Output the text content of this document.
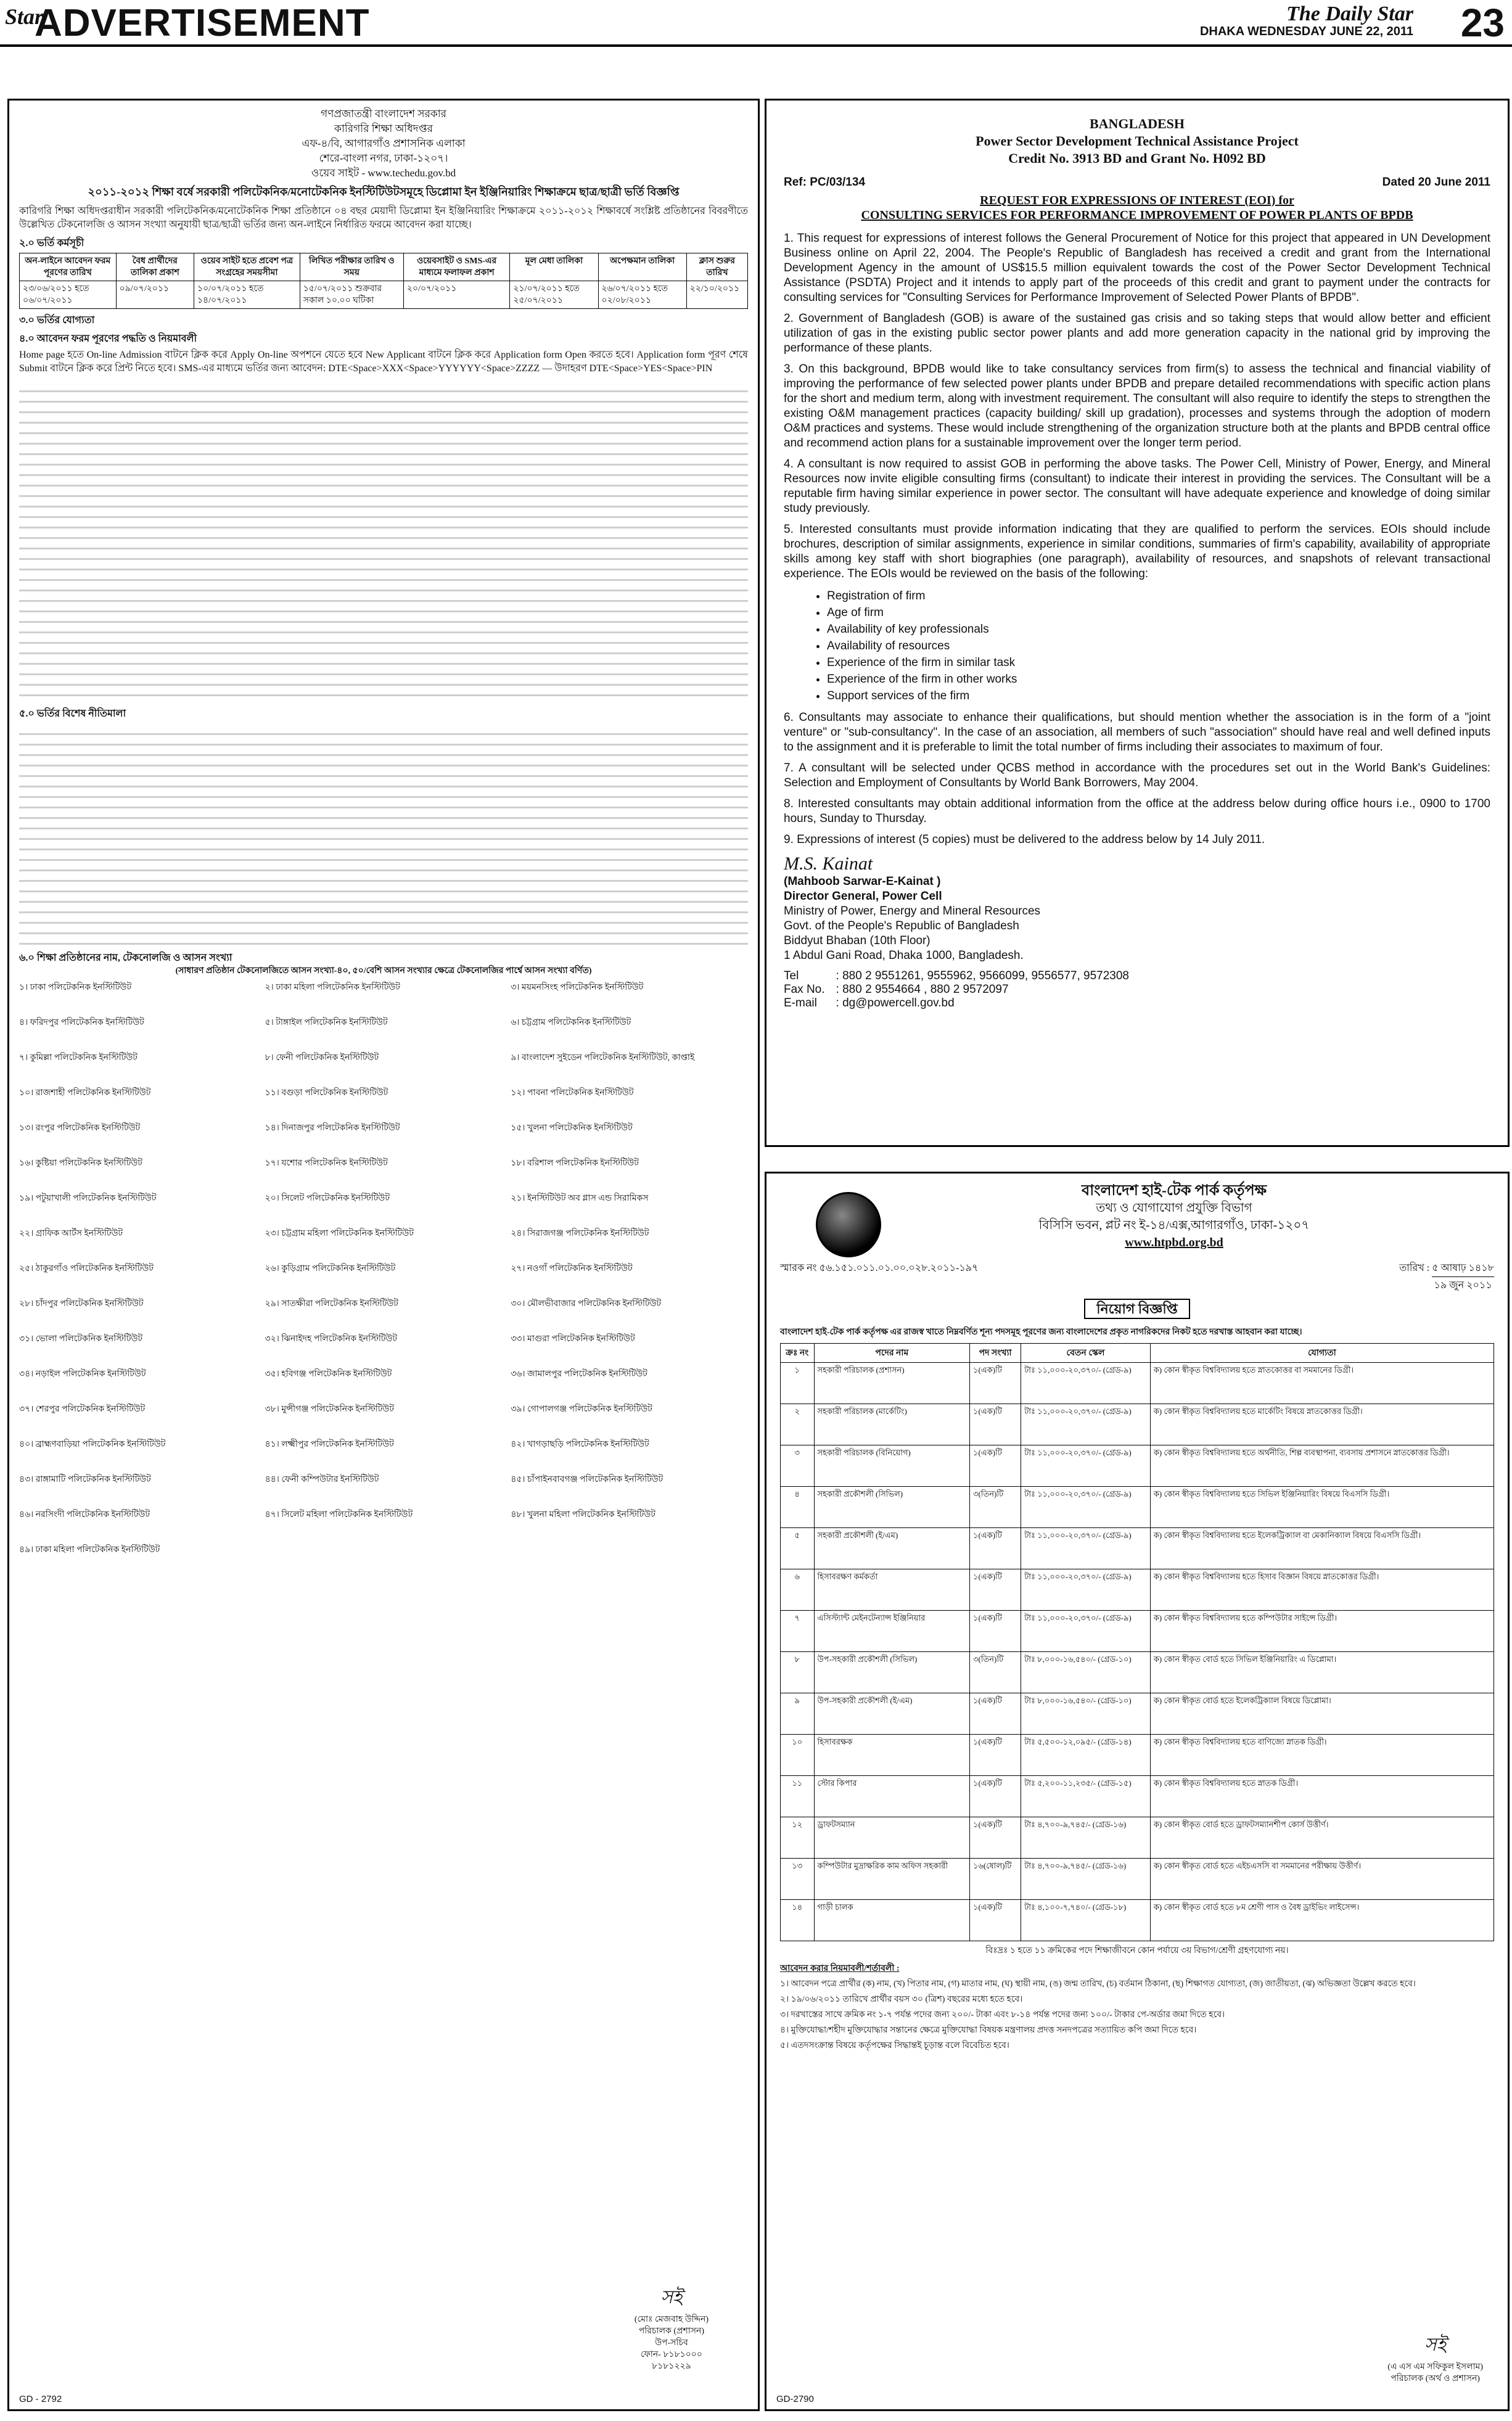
Star
ADVERTISEMENT	The Daily Star
DHAKA WEDNESDAY JUNE 22, 2011 23
গণপ্রজাতন্ত্রী বাংলাদেশ সরকার
কারিগরি শিক্ষা অধিদপ্তর
এফ-৪/বি, আগারগাঁও প্রশাসনিক এলাকা
শেরে-বাংলা নগর, ঢাকা-১২০৭।
ওয়েব সাইট - www.techedu.gov.bd
২০১১-২০১২ শিক্ষা বর্ষে সরকারী পলিটেকনিক/মনোটেকনিক ইনস্টিটিউটসমূহে ডিপ্লোমা ইন ইঞ্জিনিয়ারিং শিক্ষাক্রমে ছাত্র/ছাত্রী ভর্তি বিজ্ঞপ্তি
কারিগরি শিক্ষা অধিদপ্তরাধীন সরকারী পলিটেকনিক/মনোটেকনিক শিক্ষা প্রতিষ্ঠানে ০৪ বছর মেয়াদী ডিপ্লোমা ইন ইঞ্জিনিয়ারিং শিক্ষাক্রমে ২০১১-২০১২ শিক্ষাবর্ষে সংশ্লিষ্ট প্রতিষ্ঠানের বিবরণীতে উল্লেখিত টেকনোলজি ও আসন সংখ্যা অনুযায়ী ছাত্র/ছাত্রী ভর্তির জন্য অন-লাইনে নির্ধারিত ফরমে আবেদন করা যাচ্ছে।
২.০ ভর্তি কর্মসূচী
অন-লাইনে আবেদন ফরম পূরণের তারিখ	বৈধ প্রার্থীদের তালিকা প্রকাশ	ওয়েব সাইট হতে প্রবেশ পত্র সংগ্রহের সময়সীমা	লিখিত পরীক্ষার তারিখ ও সময়	ওয়েবসাইট ও SMS-এর মাধ্যমে ফলাফল প্রকাশ	মূল মেধা তালিকা	অপেক্ষমান তালিকা	ক্লাস শুরুর তারিখ
২৩/০৬/২০১১ হতে ০৬/০৭/২০১১	০৯/০৭/২০১১	১০/০৭/২০১১ হতে ১৪/০৭/২০১১	১৫/০৭/২০১১ শুক্রবার সকাল ১০.০০ ঘটিকা	২০/০৭/২০১১	২১/০৭/২০১১ হতে ২৫/০৭/২০১১	২৬/০৭/২০১১ হতে ০২/০৮/২০১১	২২/১০/২০১১
৩.০ ভর্তির যোগ্যতা
৪.০ আবেদন ফরম পূরণের পদ্ধতি ও নিয়মাবলী
Home page হতে On-line Admission বাটনে ক্লিক করে Apply On-line অপশনে যেতে হবে New Applicant বাটনে ক্লিক করে Application form Open করতে হবে। Application form পূরণ শেষে Submit বাটনে ক্লিক করে প্রিন্ট নিতে হবে। SMS-এর মাধ্যমে ভর্তির জন্য আবেদন: DTE<Space>XXX<Space>YYYYYY<Space>ZZZZ — উদাহরণ DTE<Space>YES<Space>PIN
৫.০ ভর্তির বিশেষ নীতিমালা
৬.০ শিক্ষা প্রতিষ্ঠানের নাম, টেকনোলজি ও আসন সংখ্যা
(সাধারণ প্রতিষ্ঠান টেকনোলজিতে আসন সংখ্যা-৪০, ৫০/বেশি আসন সংখ্যার ক্ষেত্রে টেকনোলজির পার্শ্বে আসন সংখ্যা বর্ণিত)
১। ঢাকা পলিটেকনিক ইনস্টিটিউট	২। ঢাকা মহিলা পলিটেকনিক ইনস্টিটিউট	৩। ময়মনসিংহ পলিটেকনিক ইনস্টিটিউট
৪। ফরিদপুর পলিটেকনিক ইনস্টিটিউট	৫। টাঙ্গাইল পলিটেকনিক ইনস্টিটিউট	৬। চট্টগ্রাম পলিটেকনিক ইনস্টিটিউট
৭। কুমিল্লা পলিটেকনিক ইনস্টিটিউট	৮। ফেনী পলিটেকনিক ইনস্টিটিউট	৯। বাংলাদেশ সুইডেন পলিটেকনিক ইনস্টিটিউট, কাপ্তাই
১০। রাজশাহী পলিটেকনিক ইনস্টিটিউট	১১। বগুড়া পলিটেকনিক ইনস্টিটিউট	১২। পাবনা পলিটেকনিক ইনস্টিটিউট
১৩। রংপুর পলিটেকনিক ইনস্টিটিউট	১৪। দিনাজপুর পলিটেকনিক ইনস্টিটিউট	১৫। খুলনা পলিটেকনিক ইনস্টিটিউট
১৬। কুষ্টিয়া পলিটেকনিক ইনস্টিটিউট	১৭। যশোর পলিটেকনিক ইনস্টিটিউট	১৮। বরিশাল পলিটেকনিক ইনস্টিটিউট
১৯। পটুয়াখালী পলিটেকনিক ইনস্টিটিউট	২০। সিলেট পলিটেকনিক ইনস্টিটিউট	২১। ইনস্টিটিউট অব গ্লাস এন্ড সিরামিকস
২২। গ্রাফিক আর্টস ইনস্টিটিউট	২৩। চট্টগ্রাম মহিলা পলিটেকনিক ইনস্টিটিউট	২৪। সিরাজগঞ্জ পলিটেকনিক ইনস্টিটিউট
২৫। ঠাকুরগাঁও পলিটেকনিক ইনস্টিটিউট	২৬। কুড়িগ্রাম পলিটেকনিক ইনস্টিটিউট	২৭। নওগাঁ পলিটেকনিক ইনস্টিটিউট
২৮। চাঁদপুর পলিটেকনিক ইনস্টিটিউট	২৯। সাতক্ষীরা পলিটেকনিক ইনস্টিটিউট	৩০। মৌলভীবাজার পলিটেকনিক ইনস্টিটিউট
৩১। ভোলা পলিটেকনিক ইনস্টিটিউট	৩২। ঝিনাইদহ পলিটেকনিক ইনস্টিটিউট	৩৩। মাগুরা পলিটেকনিক ইনস্টিটিউট
৩৪। নড়াইল পলিটেকনিক ইনস্টিটিউট	৩৫। হবিগঞ্জ পলিটেকনিক ইনস্টিটিউট	৩৬। জামালপুর পলিটেকনিক ইনস্টিটিউট
৩৭। শেরপুর পলিটেকনিক ইনস্টিটিউট	৩৮। মুন্সীগঞ্জ পলিটেকনিক ইনস্টিটিউট	৩৯। গোপালগঞ্জ পলিটেকনিক ইনস্টিটিউট
৪০। ব্রাহ্মণবাড়িয়া পলিটেকনিক ইনস্টিটিউট	৪১। লক্ষ্মীপুর পলিটেকনিক ইনস্টিটিউট	৪২। খাগড়াছড়ি পলিটেকনিক ইনস্টিটিউট
৪৩। রাঙ্গামাটি পলিটেকনিক ইনস্টিটিউট	৪৪। ফেনী কম্পিউটার ইনস্টিটিউট	৪৫। চাঁপাইনবাবগঞ্জ পলিটেকনিক ইনস্টিটিউট
৪৬। নরসিংদী পলিটেকনিক ইনস্টিটিউট	৪৭। সিলেট মহিলা পলিটেকনিক ইনস্টিটিউট	৪৮। খুলনা মহিলা পলিটেকনিক ইনস্টিটিউট
৪৯। ঢাকা মহিলা পলিটেকনিক ইনস্টিটিউট
সই
(মোঃ মেজবাহ উদ্দিন)
পরিচালক (প্রশাসন)
উপ-সচিব
ফোন- ৮১৮১০০০
৮১৮১২২৯
GD - 2792
BANGLADESH
Power Sector Development Technical Assistance Project
Credit No. 3913 BD and Grant No. H092 BD
Ref: PC/03/134	Dated 20 June 2011
REQUEST FOR EXPRESSIONS OF INTEREST (EOI) for
CONSULTING SERVICES FOR PERFORMANCE IMPROVEMENT OF POWER PLANTS OF BPDB

1. This request for expressions of interest follows the General Procurement of Notice for this project that appeared in UN Development Business online on April 22, 2004. The People's Republic of Bangladesh has received a credit and grant from the International Development Agency in the amount of US$15.5 million equivalent towards the cost of the Power Sector Development Technical Assistance (PSDTA) Project and it intends to apply part of the proceeds of this credit and grant to payment under the contracts for consulting services for "Consulting Services for Performance Improvement of Selected Power Plants of BPDB".

2. Government of Bangladesh (GOB) is aware of the sustained gas crisis and so taking steps that would allow better and efficient utilization of gas in the existing public sector power plants and add more generation capacity in the national grid by improving the performance of these plants.

3. On this background, BPDB would like to take consultancy services from firm(s) to assess the technical and financial viability of improving the performance of few selected power plants under BPDB and prepare detailed recommendations with specific action plans for the short and medium term, along with investment requirement. The consultant will also require to identify the steps to strengthen the existing O&M management practices (capacity building/ skill up gradation), processes and systems through the adoption of modern O&M practices and systems. These would include strengthening of the organization structure both at the plants and BPDB central office and recommend action plans for a sustainable improvement over the longer term period.

4. A consultant is now required to assist GOB in performing the above tasks. The Power Cell, Ministry of Power, Energy, and Mineral Resources now invite eligible consulting firms (consultant) to indicate their interest in providing the services. The Consultant will be a reputable firm having similar experience in power sector. The consultant will have adequate experience and knowledge of doing similar study previously.

5. Interested consultants must provide information indicating that they are qualified to perform the services. EOIs should include brochures, description of similar assignments, experience in similar conditions, summaries of firm's capability, availability of appropriate skills among key staff with short biographies (one paragraph), availability of resources, and snapshots of relevant transactional experience. The EOIs would be reviewed on the basis of the following:

• Registration of firm
• Age of firm
• Availability of key professionals
• Availability of resources
• Experience of the firm in similar task
• Experience of the firm in other works
• Support services of the firm

6. Consultants may associate to enhance their qualifications, but should mention whether the association is in the form of a "joint venture" or "sub-consultancy". In the case of an association, all members of such "association" should have real and well defined inputs to the assignment and it is preferable to limit the total number of firms including their associates to maximum of four.

7. A consultant will be selected under QCBS method in accordance with the procedures set out in the World Bank's Guidelines: Selection and Employment of Consultants by World Bank Borrowers, May 2004.

8. Interested consultants may obtain additional information from the office at the address below during office hours i.e., 0900 to 1700 hours, Sunday to Thursday.

9. Expressions of interest (5 copies) must be delivered to the address below by 14 July 2011.

M.S. Kainat
(Mahboob Sarwar-E-Kainat )
Director General, Power Cell
Ministry of Power, Energy and Mineral Resources
Govt. of the People's Republic of Bangladesh
Biddyut Bhaban (10th Floor)
1 Abdul Gani Road, Dhaka 1000, Bangladesh.
Tel	: 880 2 9551261, 9555962, 9566099, 9556577, 9572308
Fax No.	: 880 2 9554664 , 880 2 9572097
E-mail	: dg@powercell.gov.bd
বাংলাদেশ হাই-টেক পার্ক কর্তৃপক্ষ
তথ্য ও যোগাযোগ প্রযুক্তি বিভাগ
বিসিসি ভবন, প্লট নং ই-১৪/এক্স,আগারগাঁও, ঢাকা-১২০৭
www.htpbd.org.bd
স্মারক নং ৫৬.১৫১.০১১.০১.০০.০২৮.২০১১-১৯৭	তারিখ : ৫ আষাঢ় ১৪১৮
১৯ জুন ২০১১
নিয়োগ বিজ্ঞপ্তি
বাংলাদেশ হাই-টেক পার্ক কর্তৃপক্ষ এর রাজস্ব খাতে নিম্নবর্ণিত শূন্য পদসমূহ পূরণের জন্য বাংলাদেশের প্রকৃত নাগরিকদের নিকট হতে দরখাস্ত আহবান করা যাচ্ছে।
ক্রঃ নং	পদের নাম	পদ সংখ্যা	বেতন স্কেল	যোগ্যতা
১	সহকারী পরিচালক (প্রশাসন)	১(এক)টি	টাঃ ১১,০০০-২০,৩৭০/- (গ্রেড-৯)	ক) কোন স্বীকৃত বিশ্ববিদ্যালয় হতে স্নাতকোত্তর বা সমমানের ডিগ্রী।
২	সহকারী পরিচালক (মার্কেটিং)	১(এক)টি	টাঃ ১১,০০০-২০,৩৭০/- (গ্রেড-৯)	ক) কোন স্বীকৃত বিশ্ববিদ্যালয় হতে মার্কেটিং বিষয়ে স্নাতকোত্তর ডিগ্রী।
৩	সহকারী পরিচালক (বিনিয়োগ)	১(এক)টি	টাঃ ১১,০০০-২০,৩৭০/- (গ্রেড-৯)	ক) কোন স্বীকৃত বিশ্ববিদ্যালয় হতে অর্থনীতি, শিল্প ব্যবস্থাপনা, ব্যবসায় প্রশাসনে স্নাতকোত্তর ডিগ্রী।
৪	সহকারী প্রকৌশলী (সিভিল)	৩(তিন)টি	টাঃ ১১,০০০-২০,৩৭০/- (গ্রেড-৯)	ক) কোন স্বীকৃত বিশ্ববিদ্যালয় হতে সিভিল ইঞ্জিনিয়ারিং বিষয়ে বিএসসি ডিগ্রী।
৫	সহকারী প্রকৌশলী (ই/এম)	১(এক)টি	টাঃ ১১,০০০-২০,৩৭০/- (গ্রেড-৯)	ক) কোন স্বীকৃত বিশ্ববিদ্যালয় হতে ইলেকট্রিক্যাল বা মেকানিক্যাল বিষয়ে বিএসসি ডিগ্রী।
৬	হিসাবরক্ষণ কর্মকর্তা	১(এক)টি	টাঃ ১১,০০০-২০,৩৭০/- (গ্রেড-৯)	ক) কোন স্বীকৃত বিশ্ববিদ্যালয় হতে হিসাব বিজ্ঞান বিষয়ে স্নাতকোত্তর ডিগ্রী।
৭	এসিস্ট্যান্ট মেইনটেন্যান্স ইঞ্জিনিয়ার	১(এক)টি	টাঃ ১১,০০০-২০,৩৭০/- (গ্রেড-৯)	ক) কোন স্বীকৃত বিশ্ববিদ্যালয় হতে কম্পিউটার সাইন্সে ডিগ্রী।
৮	উপ-সহকারী প্রকৌশলী (সিভিল)	৩(তিন)টি	টাঃ ৮,০০০-১৬,৫৪০/- (গ্রেড-১০)	ক) কোন স্বীকৃত বোর্ড হতে সিভিল ইঞ্জিনিয়ারিং এ ডিপ্লোমা।
৯	উপ-সহকারী প্রকৌশলী (ই/এম)	১(এক)টি	টাঃ ৮,০০০-১৬,৫৪০/- (গ্রেড-১০)	ক) কোন স্বীকৃত বোর্ড হতে ইলেকট্রিক্যাল বিষয়ে ডিপ্লোমা।
১০	হিসাবরক্ষক	১(এক)টি	টাঃ ৫,৫০০-১২,০৯৫/- (গ্রেড-১৪)	ক) কোন স্বীকৃত বিশ্ববিদ্যালয় হতে বাণিজ্যে স্নাতক ডিগ্রী।
১১	স্টোর কিপার	১(এক)টি	টাঃ ৫,২০০-১১,২৩৫/- (গ্রেড-১৫)	ক) কোন স্বীকৃত বিশ্ববিদ্যালয় হতে স্নাতক ডিগ্রী।
১২	ড্রাফটসম্যান	১(এক)টি	টাঃ ৪,৭০০-৯,৭৪৫/- (গ্রেড-১৬)	ক) কোন স্বীকৃত বোর্ড হতে ড্রাফটসম্যানশীপ কোর্স উত্তীর্ণ।
১৩	কম্পিউটার মুদ্রাক্ষরিক কাম অফিস সহকারী	১৬(ষোল)টি	টাঃ ৪,৭০০-৯,৭৪৫/- (গ্রেড-১৬)	ক) কোন স্বীকৃত বোর্ড হতে এইচএসসি বা সমমানের পরীক্ষায় উত্তীর্ণ।
১৪	গাড়ী চালক	১(এক)টি	টাঃ ৪,১০০-৭,৭৪০/- (গ্রেড-১৮)	ক) কোন স্বীকৃত বোর্ড হতে ৮ম শ্রেণী পাস ও বৈধ ড্রাইভিং লাইসেন্স।
বিঃদ্রঃ ১ হতে ১১ ক্রমিকের পদে শিক্ষাজীবনে কোন পর্যায়ে ৩য় বিভাগ/শ্রেণী গ্রহণযোগ্য নয়।
আবেদন করার নিয়মাবলী/শর্তাবলী :
১। আবেদন পত্রে প্রার্থীর (ক) নাম, (খ) পিতার নাম, (গ) মাতার নাম, (ঘ) স্থায়ী নাম, (ঙ) জন্ম তারিখ, (চ) বর্তমান ঠিকানা, (ছ) শিক্ষাগত যোগ্যতা, (জ) জাতীয়তা, (ঝ) অভিজ্ঞতা উল্লেখ করতে হবে।
২। ১৯/০৬/২০১১ তারিখে প্রার্থীর বয়স ৩০ (ত্রিশ) বছরের মধ্যে হতে হবে।
৩। দরখাস্তের সাথে ক্রমিক নং ১-৭ পর্যন্ত পদের জন্য ২০০/- টাকা এবং ৮-১৪ পর্যন্ত পদের জন্য ১০০/- টাকার পে-অর্ডার জমা দিতে হবে।
৪। মুক্তিযোদ্ধা/শহীদ মুক্তিযোদ্ধার সন্তানের ক্ষেত্রে মুক্তিযোদ্ধা বিষয়ক মন্ত্রণালয় প্রদত্ত সনদপত্রের সত্যায়িত কপি জমা দিতে হবে।
৫। এতদসংক্রান্ত বিষয়ে কর্তৃপক্ষের সিদ্ধান্তই চূড়ান্ত বলে বিবেচিত হবে।
সই
(এ এস এম সফিকুল ইসলাম)
পরিচালক (অর্থ ও প্রশাসন)
GD-2790
